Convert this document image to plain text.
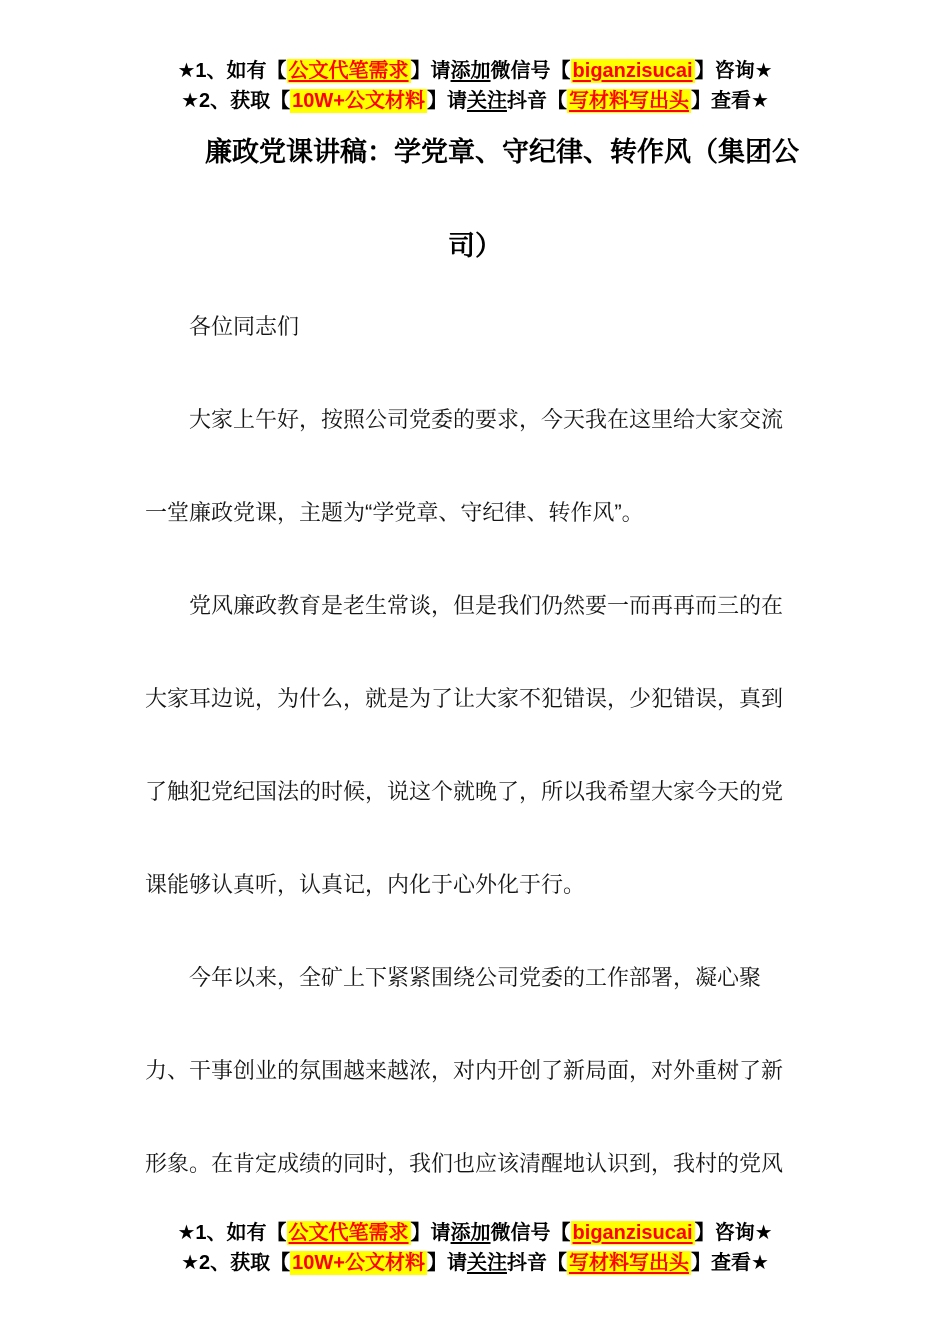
★1、如有【 公文代笔需求 】请添加微信号【 biganzisucai 】咨询★
★2、获取【 10W+公文材料 】请关注抖音【 写材料写出头 】查看★
廉政党课讲稿：学党章、守纪律、转作风（集团公
司）
各位同志们
大家上午好，按照公司党委的要求，今天我在这里给大家交流
一堂廉政党课，主题为“学党章、守纪律、转作风”。
党风廉政教育是老生常谈，但是我们仍然要一而再再而三的在
大家耳边说，为什么，就是为了让大家不犯错误，少犯错误，真到
了触犯党纪国法的时候，说这个就晚了，所以我希望大家今天的党
课能够认真听，认真记，内化于心外化于行。
今年以来，全矿上下紧紧围绕公司党委的工作部署，凝心聚
力、干事创业的氛围越来越浓，对内开创了新局面，对外重树了新
形象。在肯定成绩的同时，我们也应该清醒地认识到，我村的党风
★1、如有【 公文代笔需求 】请添加微信号【 biganzisucai 】咨询★
★2、获取【 10W+公文材料 】请关注抖音【 写材料写出头 】查看★
